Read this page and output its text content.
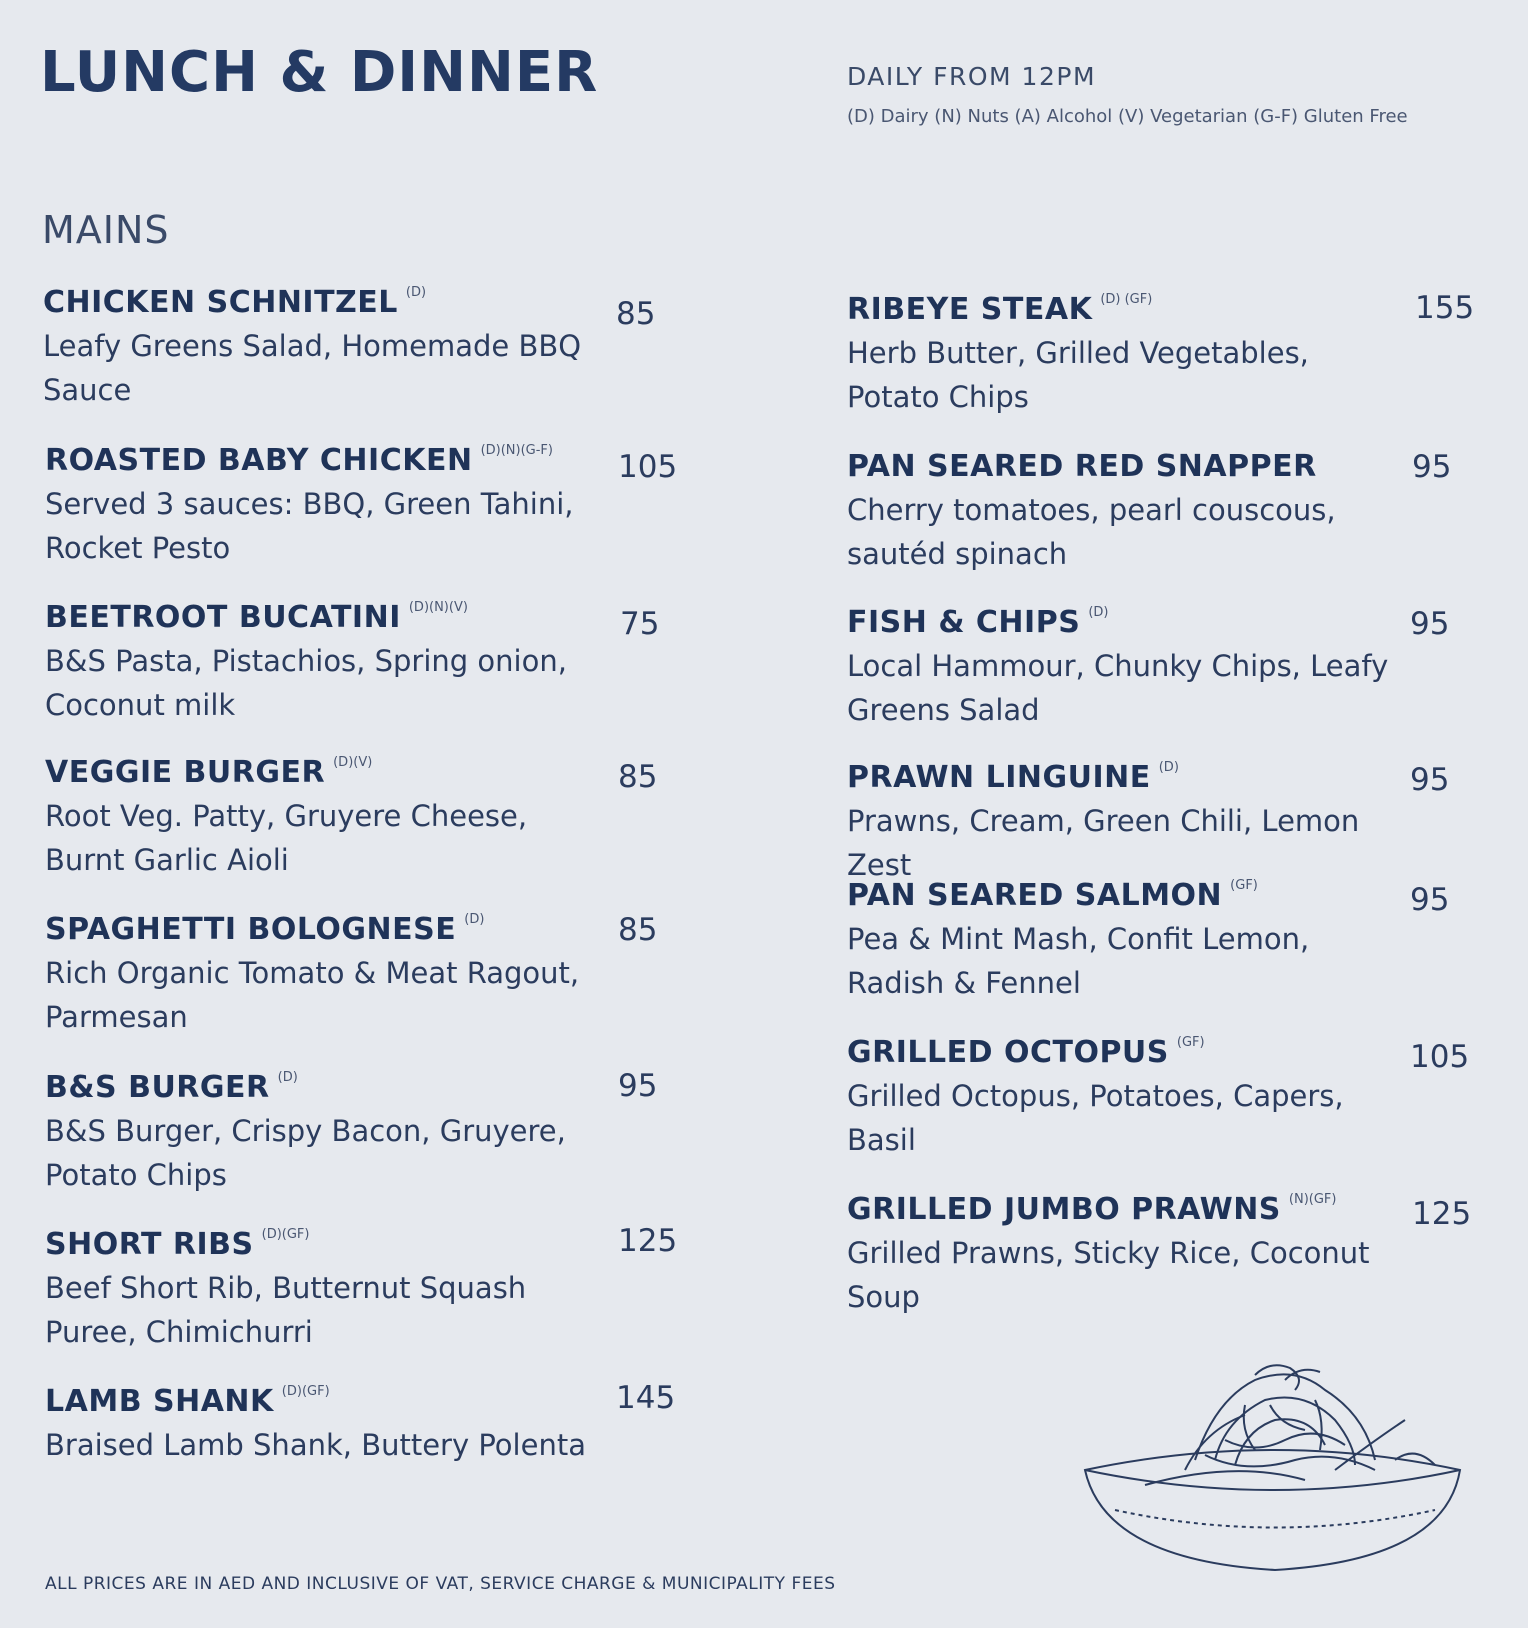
LUNCH & DINNER	DAILY FROM 12PM
(D) Dairy (N) Nuts (A) Alcohol (V) Vegetarian (G-F) Gluten Free
MAINS
CHICKEN SCHNITZEL $^{(D)}$
Leafy Greens Salad, Homemade BBQ Sauce
85
ROASTED BABY CHICKEN $^{(D)(N)(G-F)}$
Served 3 sauces: BBQ, Green Tahini, Rocket Pesto
105
BEETROOT BUCATINI $^{(D)(N)(V)}$
B&S Pasta, Pistachios, Spring onion, Coconut milk
75
VEGGIE BURGER $^{(D)(V)}$
Root Veg. Patty, Gruyere Cheese, Burnt Garlic Aioli
85
SPAGHETTI BOLOGNESE $^{(D)}$
Rich Organic Tomato & Meat Ragout, Parmesan
85
B&S BURGER $^{(D)}$
B&S Burger, Crispy Bacon, Gruyere, Potato Chips
95
SHORT RIBS $^{(D)(GF)}$
Beef Short Rib, Butternut Squash Puree, Chimichurri
125
LAMB SHANK $^{(D)(GF)}$
Braised Lamb Shank, Buttery Polenta
145
RIBEYE STEAK $^{(D) (GF)}$
Herb Butter, Grilled Vegetables, Potato Chips
155
PAN SEARED RED SNAPPER
Cherry tomatoes, pearl couscous, sautéd spinach
95
FISH & CHIPS $^{(D)}$
Local Hammour, Chunky Chips, Leafy Greens Salad
95
PRAWN LINGUINE $^{(D)}$
Prawns, Cream, Green Chili, Lemon Zest
95
PAN SEARED SALMON $^{(GF)}$
Pea & Mint Mash, Confit Lemon, Radish & Fennel
95
GRILLED OCTOPUS $^{(GF)}$
Grilled Octopus, Potatoes, Capers, Basil
105
GRILLED JUMBO PRAWNS $^{(N)(GF)}$
Grilled Prawns, Sticky Rice, Coconut Soup
125
ALL PRICES ARE IN AED AND INCLUSIVE OF VAT, SERVICE CHARGE & MUNICIPALITY FEES
